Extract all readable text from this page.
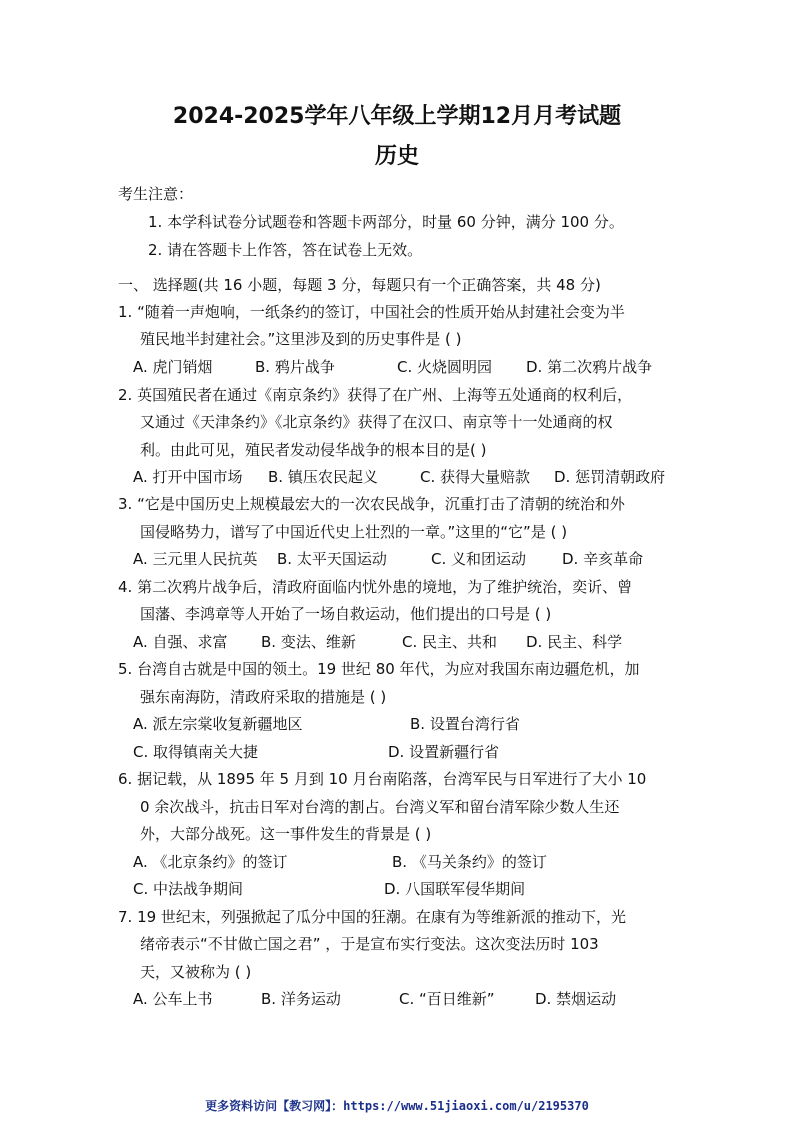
2024-2025学年八年级上学期12月月考试题
历史
考生注意：
1. 本学科试卷分试题卷和答题卡两部分，时量 60 分钟，满分 100 分。
2. 请在答题卡上作答，答在试卷上无效。
一、 选择题(共 16 小题，每题 3 分，每题只有一个正确答案，共 48 分)
1. “随着一声炮响，一纸条约的签订，中国社会的性质开始从封建社会变为半
殖民地半封建社会。”这里涉及到的历史事件是 ( )
A. 虎门销烟	B. 鸦片战争	C. 火烧圆明园 D. 第二次鸦片战争
2. 英国殖民者在通过《南京条约》获得了在广州、上海等五处通商的权利后，
又通过《天津条约》《北京条约》获得了在汉口、南京等十一处通商的权
利。由此可见，殖民者发动侵华战争的根本目的是( )
A. 打开中国市场 B. 镇压农民起义	C. 获得大量赔款 D. 惩罚清朝政府
3. “它是中国历史上规模最宏大的一次农民战争，沉重打击了清朝的统治和外
国侵略势力，谱写了中国近代史上壮烈的一章。”这里的“它”是 ( )
A. 三元里人民抗英 B. 太平天国运动	C. 义和团运动 D. 辛亥革命
4. 第二次鸦片战争后，清政府面临内忧外患的境地，为了维护统治，奕䜣、曾
国藩、李鸿章等人开始了一场自救运动，他们提出的口号是 ( )
A. 自强、求富 B. 变法、维新	C. 民主、共和 D. 民主、科学
5. 台湾自古就是中国的领土。19 世纪 80 年代，为应对我国东南边疆危机，加
强东南海防，清政府采取的措施是 ( )
A. 派左宗棠收复新疆地区	B. 设置台湾行省
C. 取得镇南关大捷	D. 设置新疆行省
6. 据记载，从 1895 年 5 月到 10 月台南陷落，台湾军民与日军进行了大小 10
0 余次战斗，抗击日军对台湾的割占。台湾义军和留台清军除少数人生还
外，大部分战死。这一事件发生的背景是 ( )
A. 《北京条约》的签订	B. 《马关条约》的签订
C. 中法战争期间	D. 八国联军侵华期间
7. 19 世纪末，列强掀起了瓜分中国的狂潮。在康有为等维新派的推动下，光
绪帝表示“不甘做亡国之君” ，于是宣布实行变法。这次变法历时 103
天，又被称为 ( )
A. 公车上书	B. 洋务运动	C. “百日维新”	D. 禁烟运动
更多资料访问【教习网】：https://www.51jiaoxi.com/u/2195370
